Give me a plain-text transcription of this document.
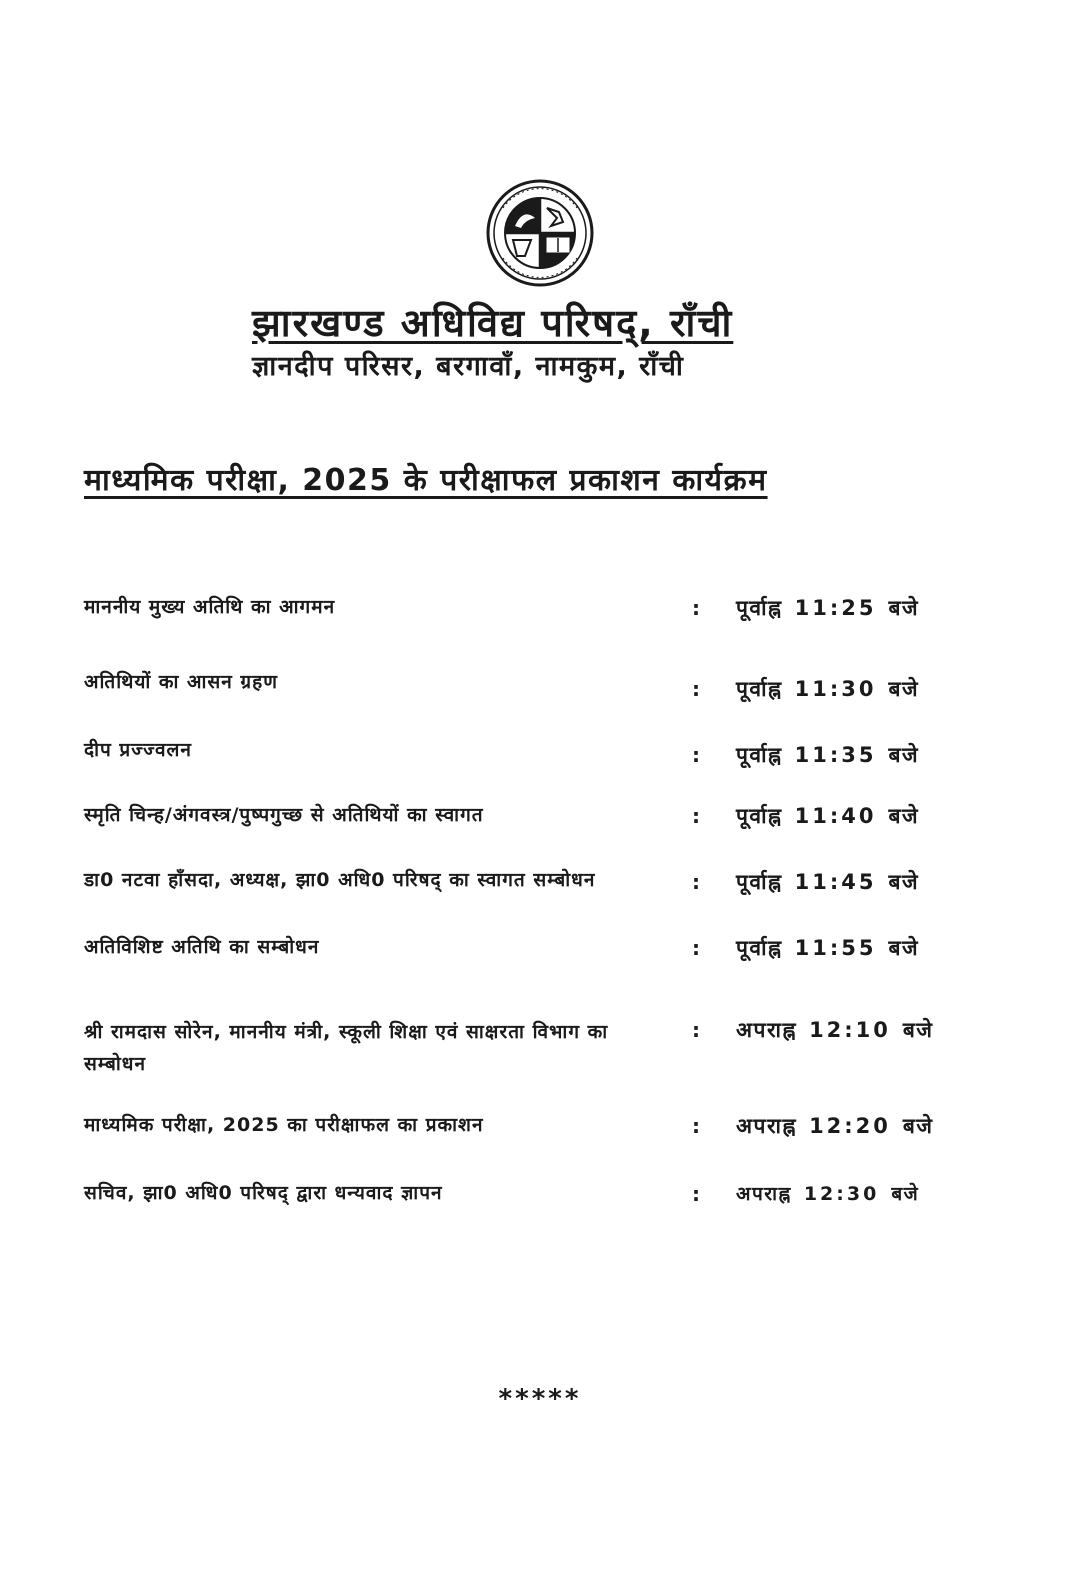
झारखण्ड अधिविद्य परिषद्, राँची
ज्ञानदीप परिसर, बरगावाँ, नामकुम, राँची
माध्यमिक परीक्षा, 2025 के परीक्षाफल प्रकाशन कार्यक्रम
माननीय मुख्य अतिथि का आगमन	: पूर्वाह्न 11:25 बजे
अतिथियों का आसन ग्रहण	: पूर्वाह्न 11:30 बजे
दीप प्रज्ज्वलन	: पूर्वाह्न 11:35 बजे
स्मृति चिन्ह/अंगवस्त्र/पुष्पगुच्छ से अतिथियों का स्वागत	: पूर्वाह्न 11:40 बजे
डा0 नटवा हाँसदा, अध्यक्ष, झा0 अधि0 परिषद् का स्वागत सम्बोधन	: पूर्वाह्न 11:45 बजे
अतिविशिष्ट अतिथि का सम्बोधन	: पूर्वाह्न 11:55 बजे
श्री रामदास सोरेन, माननीय मंत्री, स्कूली शिक्षा एवं साक्षरता विभाग का सम्बोधन
: अपराह्न 12:10 बजे
माध्यमिक परीक्षा, 2025 का परीक्षाफल का प्रकाशन	: अपराह्न 12:20 बजे
सचिव, झा0 अधि0 परिषद् द्वारा धन्यवाद ज्ञापन	: अपराह्न 12:30 बजे
*****
